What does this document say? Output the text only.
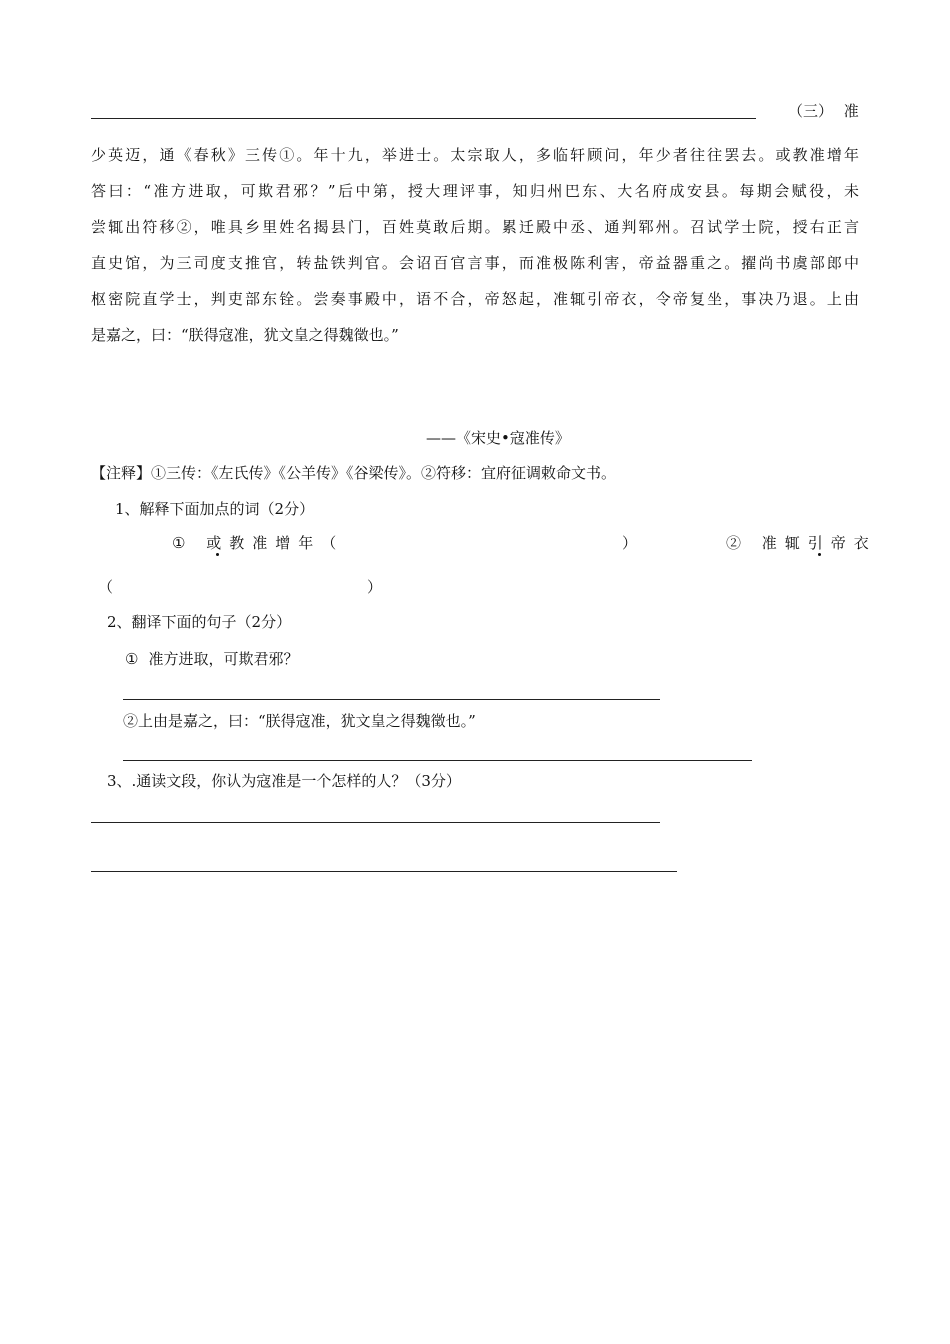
（三） 准
少英迈，通《春秋》三传①。年十九，举进士。太宗取人，多临轩顾问，年少者往往罢去。或教准增年
答曰：“准方进取，可欺君邪？”后中第，授大理评事，知归州巴东、大名府成安县。每期会赋役，未
尝辄出符移②，唯具乡里姓名揭县门，百姓莫敢后期。累迁殿中丞、通判郓州。召试学士院，授右正言
直史馆，为三司度支推官，转盐铁判官。会诏百官言事，而准极陈利害，帝益器重之。擢尚书虞部郎中
枢密院直学士，判吏部东铨。尝奏事殿中，语不合，帝怒起，准辄引帝衣，令帝复坐，事决乃退。上由
是嘉之，曰：“朕得寇准，犹文皇之得魏徵也。”
——《宋史•寇准传》
【注释】①三传：《左氏传》《公羊传》《谷梁传》。②符移：宜府征调敕命文书。
1、解释下面加点的词（2分）
① 或教准增年（	）	② 准辄引帝衣
（	）
2、翻译下面的句子（2分）
① 准方进取，可欺君邪？
②上由是嘉之，曰：“朕得寇准，犹文皇之得魏徵也。”
3、.通读文段，你认为寇准是一个怎样的人？（3分）
